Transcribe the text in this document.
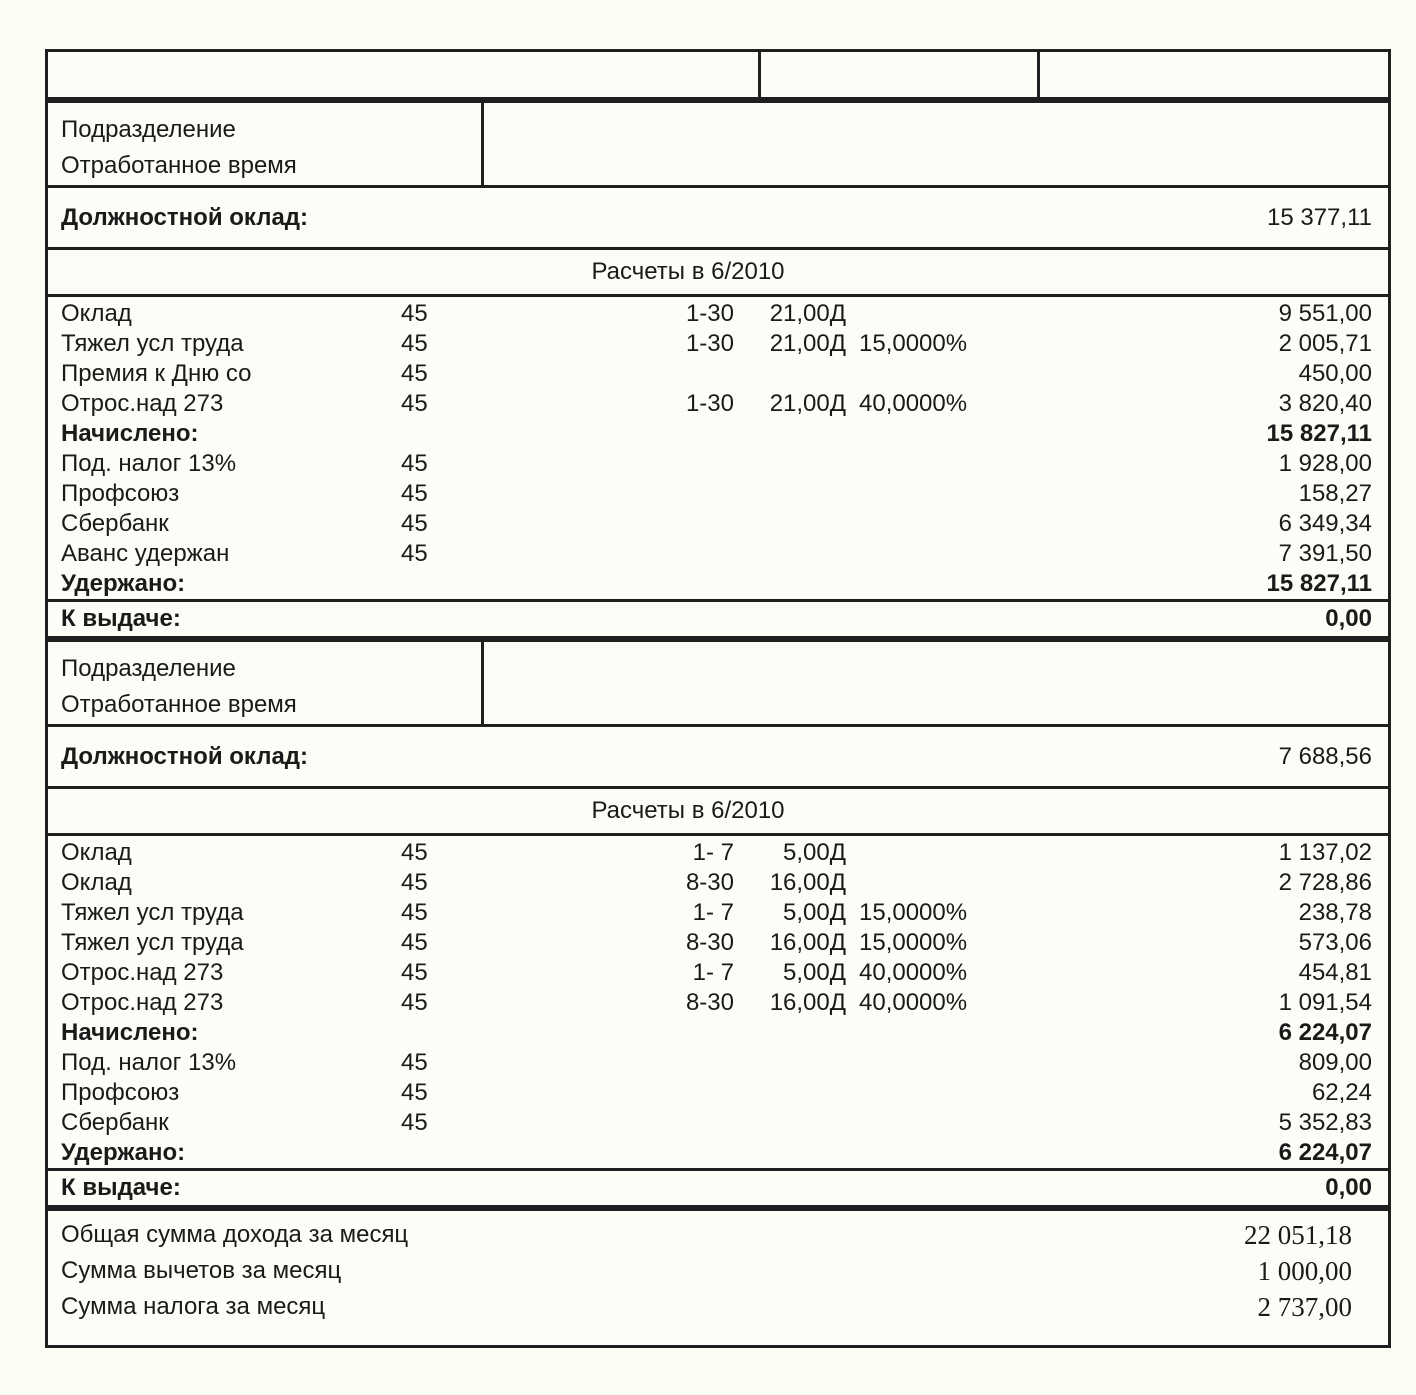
Подразделение
Отработанное время
Должностной оклад:	15 377,11
Расчеты в 6/2010
Оклад	45	1-30	21,00Д	9 551,00
Тяжел усл труда	45	1-30	21,00Д 15,0000%	2 005,71
Премия к Дню со	45	450,00
Отрос.над 273	45	1-30	21,00Д 40,0000%	3 820,40
Начислено:	15 827,11
Под. налог 13%	45	1 928,00
Профсоюз	45	158,27
Сбербанк	45	6 349,34
Аванс удержан	45	7 391,50
Удержано:	15 827,11
К выдаче:	0,00
Подразделение
Отработанное время
Должностной оклад:	7 688,56
Расчеты в 6/2010
Оклад	45	1- 7	5,00Д	1 137,02
Оклад	45	8-30	16,00Д	2 728,86
Тяжел усл труда	45	1- 7	5,00Д 15,0000%	238,78
Тяжел усл труда	45	8-30	16,00Д 15,0000%	573,06
Отрос.над 273	45	1- 7	5,00Д 40,0000%	454,81
Отрос.над 273	45	8-30	16,00Д 40,0000%	1 091,54
Начислено:	6 224,07
Под. налог 13%	45	809,00
Профсоюз	45	62,24
Сбербанк	45	5 352,83
Удержано:	6 224,07
К выдаче:	0,00
Общая сумма дохода за месяц	22 051,18
Сумма вычетов за месяц	1 000,00
Сумма налога за месяц	2 737,00
